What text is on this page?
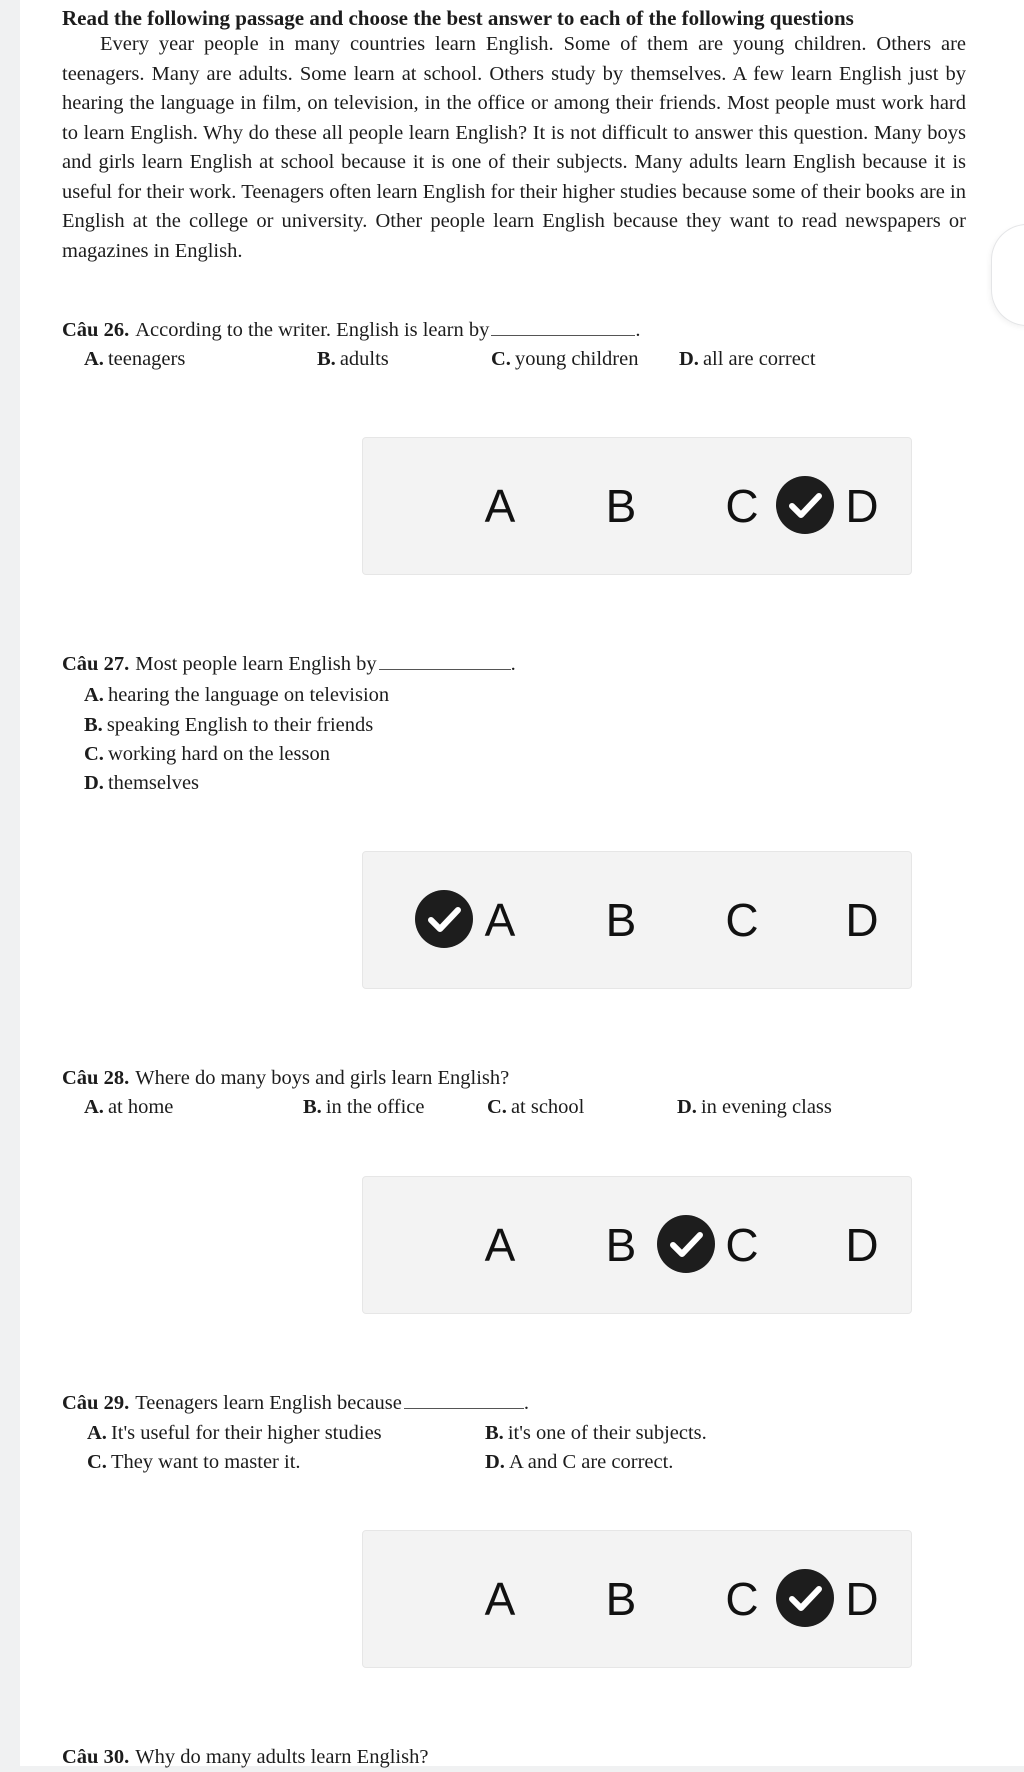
Read the following passage and choose the best answer to each of the following questions

Every year people in many countries learn English. Some of them are young children. Others are teenagers. Many are adults. Some learn at school. Others study by themselves. A few learn English just by hearing the language in film, on television, in the office or among their friends. Most people must work hard to learn English. Why do these all people learn English? It is not difficult to answer this question. Many boys and girls learn English at school because it is one of their subjects. Many adults learn English because it is useful for their work. Teenagers often learn English for their higher studies because some of their books are in English at the college or university. Other people learn English because they want to read newspapers or magazines in English.

Câu 26. According to the writer. English is learn by	.
A. teenagers	B. adults	C. young children D. all are correct
A	B	C D
Câu 27. Most people learn English by	.
A. hearing the language on television
B. speaking English to their friends
C. working hard on the lesson
D. themselves
A	B	C D
Câu 28. Where do many boys and girls learn English?
A. at home	B. in the office	C. at school	D. in evening class
A	B	C D
Câu 29. Teenagers learn English because	.
A. It's useful for their higher studies	B. it's one of their subjects.
C. They want to master it.	D. A and C are correct.
A	B	C D
Câu 30. Why do many adults learn English?
